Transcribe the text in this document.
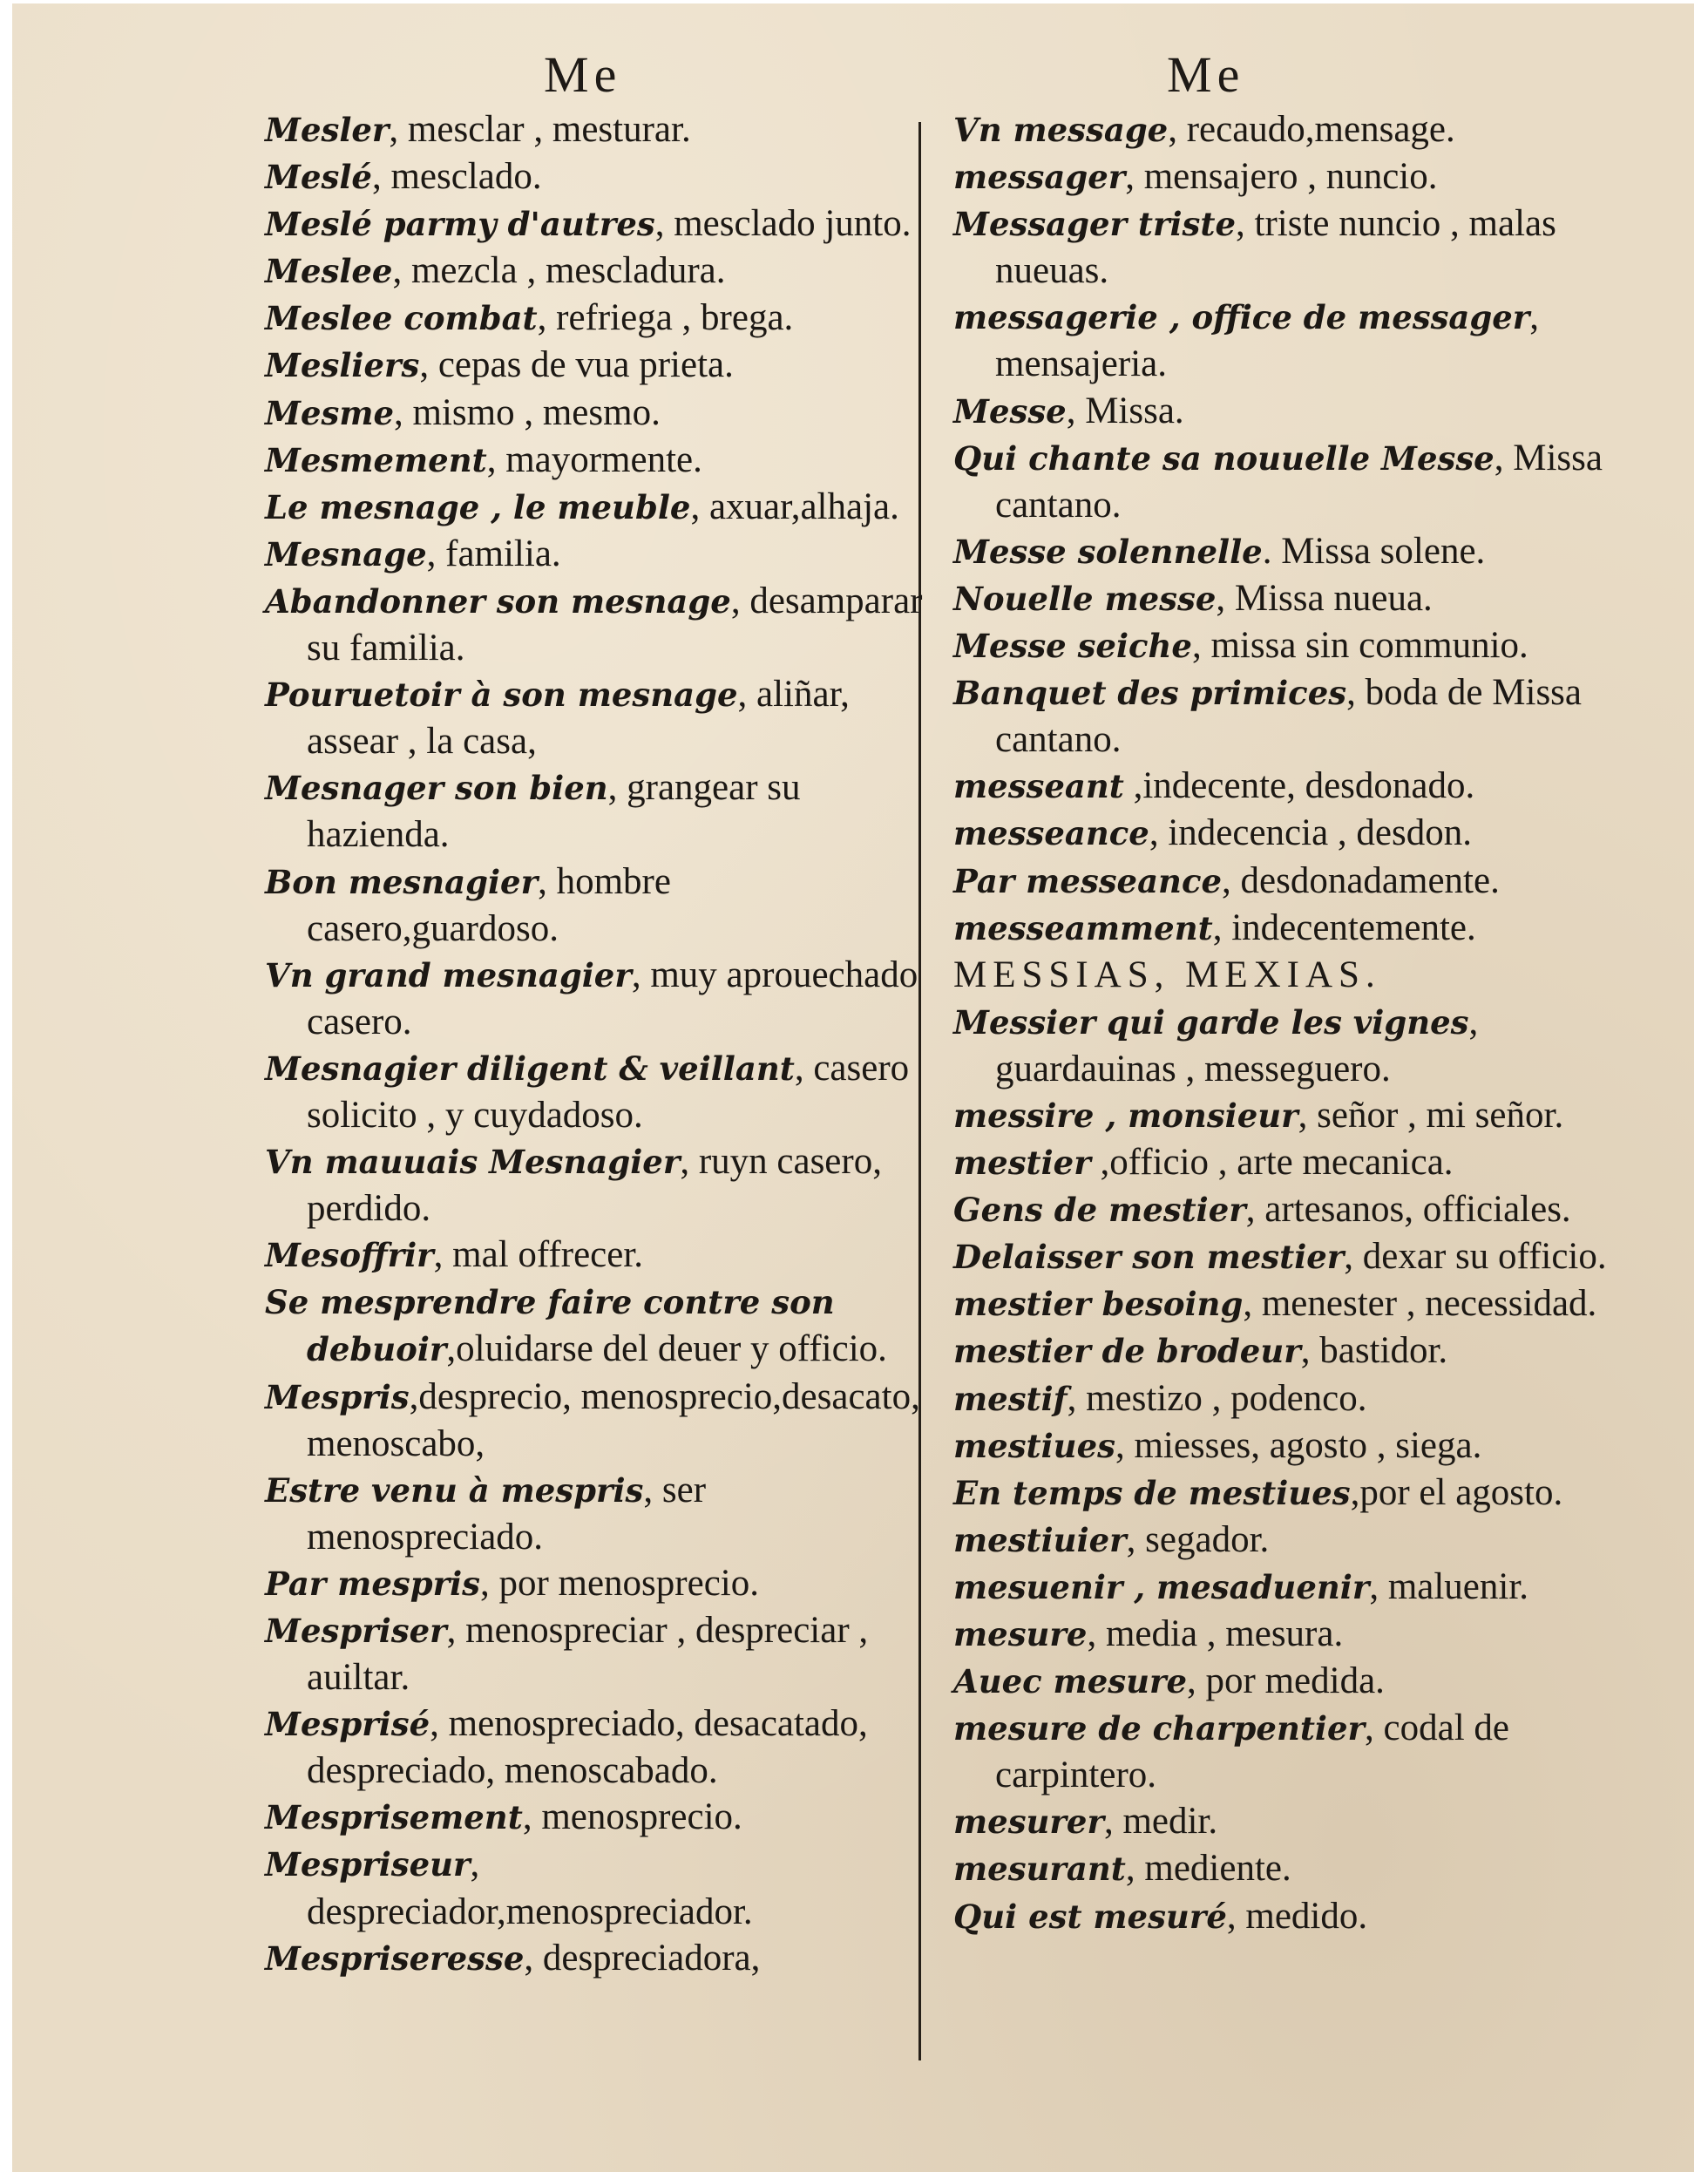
Me	Me

Mesler, mesclar , mesturar.

Meslé, mesclado.

Meslé parmy d'autres, mesclado junto.

Meslee, mezcla , mescladura.

Meslee combat, refriega , brega.

Mesliers, cepas de vua prieta.

Mesme, mismo , mesmo.

Mesmement, mayormente.

Le mesnage , le meuble, axuar,alhaja.

Mesnage, familia.

Abandonner son mesnage, desamparar su familia.

Pouruetoir à son mesnage, aliñar, assear , la casa,

Mesnager son bien, grangear su hazienda.

Bon mesnagier, hombre casero,guardoso.

Vn grand mesnagier, muy aprouechado casero.

Mesnagier diligent & veillant, casero solicito , y cuydadoso.

Vn mauuais Mesnagier, ruyn casero, perdido.

Mesoffrir, mal offrecer.

Se mesprendre faire contre son debuoir,oluidarse del deuer y officio.

Mespris,desprecio, menosprecio,desacato, menoscabo,

Estre venu à mespris, ser menospreciado.

Par mespris, por menosprecio.

Mespriser, menospreciar , despreciar , auiltar.

Mesprisé, menospreciado, desacatado, despreciado, menoscabado.

Mesprisement, menosprecio.

Mespriseur, despreciador,menospreciador.

Mespriseresse, despreciadora,

Vn message, recaudo,mensage.

messager, mensajero , nuncio.

Messager triste, triste nuncio , malas nueuas.

messagerie , office de messager, mensajeria.

Messe, Missa.

Qui chante sa nouuelle Messe, Missa cantano.

Messe solennelle. Missa solene.

Nouelle messe, Missa nueua.

Messe seiche, missa sin communio.

Banquet des primices, boda de Missa cantano.

messeant ,indecente, desdonado.

messeance, indecencia , desdon.

Par messeance, desdonadamente.

messeamment, indecentemente.

MESSIAS, MEXIAS.

Messier qui garde les vignes, guardauinas , messeguero.

messire , monsieur, señor , mi señor.

mestier ,officio , arte mecanica.

Gens de mestier, artesanos, officiales.

Delaisser son mestier, dexar su officio.

mestier besoing, menester , necessidad.

mestier de brodeur, bastidor.

mestif, mestizo , podenco.

mestiues, miesses, agosto , siega.

En temps de mestiues,por el agosto.

mestiuier, segador.

mesuenir , mesaduenir, maluenir.

mesure, media , mesura.

Auec mesure, por medida.

mesure de charpentier, codal de carpintero.

mesurer, medir.

mesurant, mediente.

Qui est mesuré, medido.
